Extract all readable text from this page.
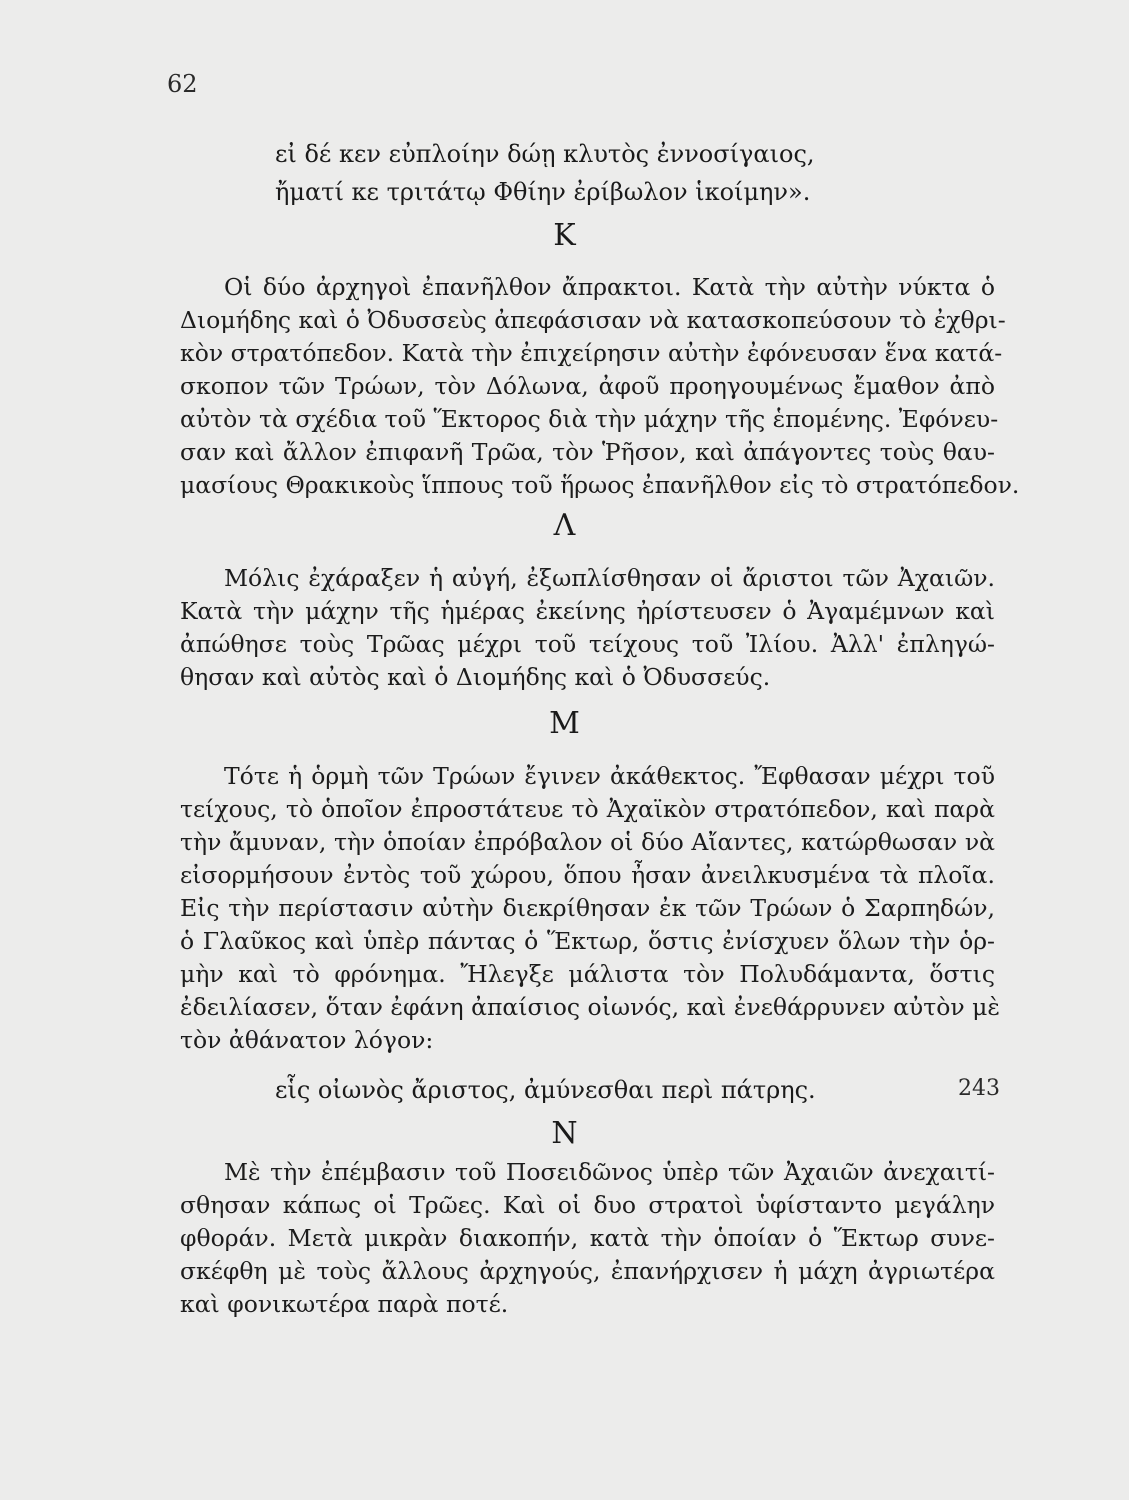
62
εἰ δέ κεν εὐπλοίην δώῃ κλυτὸς ἐννοσίγαιος,
ἤματί κε τριτάτῳ Φθίην ἐρίβωλον ἱκοίμην».
Κ
Οἱ δύο ἀρχηγοὶ ἐπανῆλθον ἄπρακτοι. Κατὰ τὴν αὐτὴν νύκτα ὁ
Διομήδης καὶ ὁ Ὀδυσσεὺς ἀπεφάσισαν νὰ κατασκοπεύσουν τὸ ἐχθρι-
κὸν στρατόπεδον. Κατὰ τὴν ἐπιχείρησιν αὐτὴν ἐφόνευσαν ἕνα κατά-
σκοπον τῶν Τρώων, τὸν Δόλωνα, ἀφοῦ προηγουμένως ἔμαθον ἀπὸ
αὐτὸν τὰ σχέδια τοῦ Ἕκτορος διὰ τὴν μάχην τῆς ἑπομένης. Ἐφόνευ-
σαν καὶ ἄλλον ἐπιφανῆ Τρῶα, τὸν Ῥῆσον, καὶ ἀπάγοντες τοὺς θαυ-
μασίους Θρακικοὺς ἵππους τοῦ ἥρωος ἐπανῆλθον εἰς τὸ στρατόπεδον.
Λ
Μόλις ἐχάραξεν ἡ αὐγή, ἐξωπλίσθησαν οἱ ἄριστοι τῶν Ἀχαιῶν.
Κατὰ τὴν μάχην τῆς ἡμέρας ἐκείνης ἠρίστευσεν ὁ Ἀγαμέμνων καὶ
ἀπώθησε τοὺς Τρῶας μέχρι τοῦ τείχους τοῦ Ἰλίου. Ἀλλ' ἐπληγώ-
θησαν καὶ αὐτὸς καὶ ὁ Διομήδης καὶ ὁ Ὀδυσσεύς.
Μ
Τότε ἡ ὁρμὴ τῶν Τρώων ἔγινεν ἀκάθεκτος. Ἔφθασαν μέχρι τοῦ
τείχους, τὸ ὁποῖον ἐπροστάτευε τὸ Ἀχαϊκὸν στρατόπεδον, καὶ παρὰ
τὴν ἄμυναν, τὴν ὁποίαν ἐπρόβαλον οἱ δύο Αἴαντες, κατώρθωσαν νὰ
εἰσορμήσουν ἐντὸς τοῦ χώρου, ὅπου ἦσαν ἀνειλκυσμένα τὰ πλοῖα.
Εἰς τὴν περίστασιν αὐτὴν διεκρίθησαν ἐκ τῶν Τρώων ὁ Σαρπηδών,
ὁ Γλαῦκος καὶ ὑπὲρ πάντας ὁ Ἕκτωρ, ὅστις ἐνίσχυεν ὅλων τὴν ὁρ-
μὴν καὶ τὸ φρόνημα. Ἤλεγξε μάλιστα τὸν Πολυδάμαντα, ὅστις
ἐδειλίασεν, ὅταν ἐφάνη ἀπαίσιος οἰωνός, καὶ ἐνεθάρρυνεν αὐτὸν μὲ
τὸν ἀθάνατον λόγον:
εἷς οἰωνὸς ἄριστος, ἀμύνεσθαι περὶ πάτρης.	243
Ν
Μὲ τὴν ἐπέμβασιν τοῦ Ποσειδῶνος ὑπὲρ τῶν Ἀχαιῶν ἀνεχαιτί-
σθησαν κάπως οἱ Τρῶες. Καὶ οἱ δυο στρατοὶ ὑφίσταντο μεγάλην
φθοράν. Μετὰ μικρὰν διακοπήν, κατὰ τὴν ὁποίαν ὁ Ἕκτωρ συνε-
σκέφθη μὲ τοὺς ἄλλους ἀρχηγούς, ἐπανήρχισεν ἡ μάχη ἀγριωτέρα
καὶ φονικωτέρα παρὰ ποτέ.
